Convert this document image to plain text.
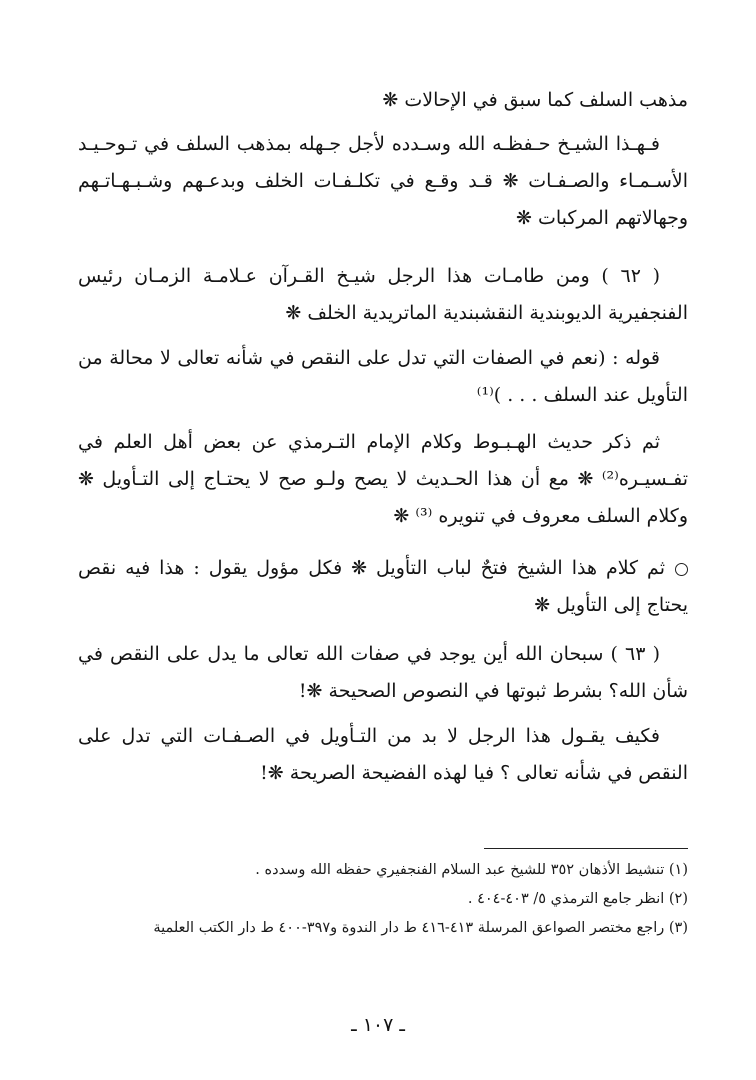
مذهب السلف كما سبق في الإحالات ❋
فـهـذا الشيـخ حـفظـه الله وسـدده لأجل جـهله بمذهب السلف في تـوحـيـد الأسـمـاء والصـفـات ❋ قـد وقـع في تكلـفـات الخلف وبدعـهم وشـبـهـاتـهم وجهالاتهم المركبات ❋
( ٦٢ ) ومن طامـات هذا الرجل شيـخ القـرآن عـلامـة الزمـان رئيس الفنجفيرية الديوبندية النقشبندية الماتريدية الخلف ❋
قوله : (نعم في الصفات التي تدل على النقص في شأنه تعالى لا محالة من التأويل عند السلف . . . )⁽¹⁾
ثم ذكر حديث الهـبـوط وكلام الإمام التـرمذي عن بعض أهل العلم في تفـسيـره⁽²⁾ ❋ مع أن هذا الحـديث لا يصح ولـو صح لا يحتـاج إلى التـأويل ❋ وكلام السلف معروف في تنويره ⁽³⁾ ❋
ثم كلام هذا الشيخ فتحٌ لباب التأويل ❋ فكل مؤول يقول : هذا فيه نقص يحتاج إلى التأويل ❋
( ٦٣ ) سبحان الله أين يوجد في صفات الله تعالى ما يدل على النقص في شأن الله؟ بشرط ثبوتها في النصوص الصحيحة ❋!
فكيف يقـول هذا الرجل لا بد من التـأويل في الصـفـات التي تدل على النقص في شأنه تعالى ؟ فيا لهذه الفضيحة الصريحة ❋!
(١) تنشيط الأذهان ٣٥٢ للشيخ عبد السلام الفنجفيري حفظه الله وسدده .
(٢) انظر جامع الترمذي ٥/ ٤٠٣-٤٠٤ .
(٣) راجع مختصر الصواعق المرسلة ٤١٣-٤١٦ ط دار الندوة و٣٩٧-٤٠٠ ط دار الكتب العلمية
ـ ١٠٧ ـ
